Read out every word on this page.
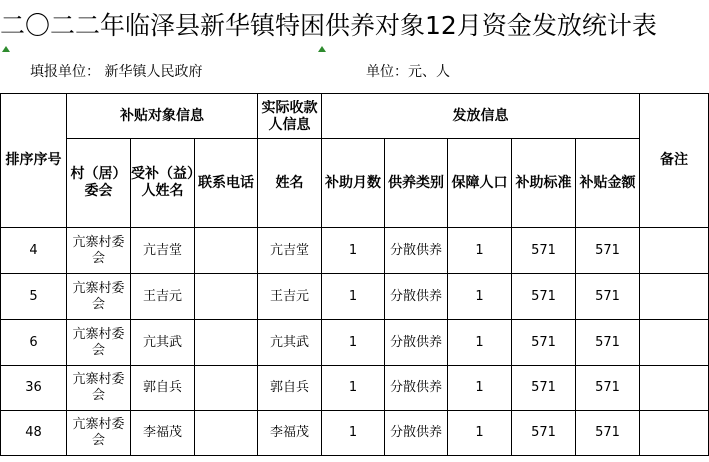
二〇二二年临泽县新华镇特困供养对象12月资金发放统计表
填报单位： 新华镇人民政府	单位：元、人
排序序号	补贴对象信息			实际收款人信息	发放信息					备注
	村（居）委会	受补（益）人姓名	联系电话	姓名	补助月数	供养类别	保障人口	补助标准	补贴金额	
4	亢寨村委会	亢吉堂		亢吉堂	1	分散供养	1	571	571	
5	亢寨村委会	王吉元		王吉元	1	分散供养	1	571	571	
6	亢寨村委会	亢其武		亢其武	1	分散供养	1	571	571	
36	亢寨村委会	郭自兵		郭自兵	1	分散供养	1	571	571	
48	亢寨村委会	李福茂		李福茂	1	分散供养	1	571	571	
